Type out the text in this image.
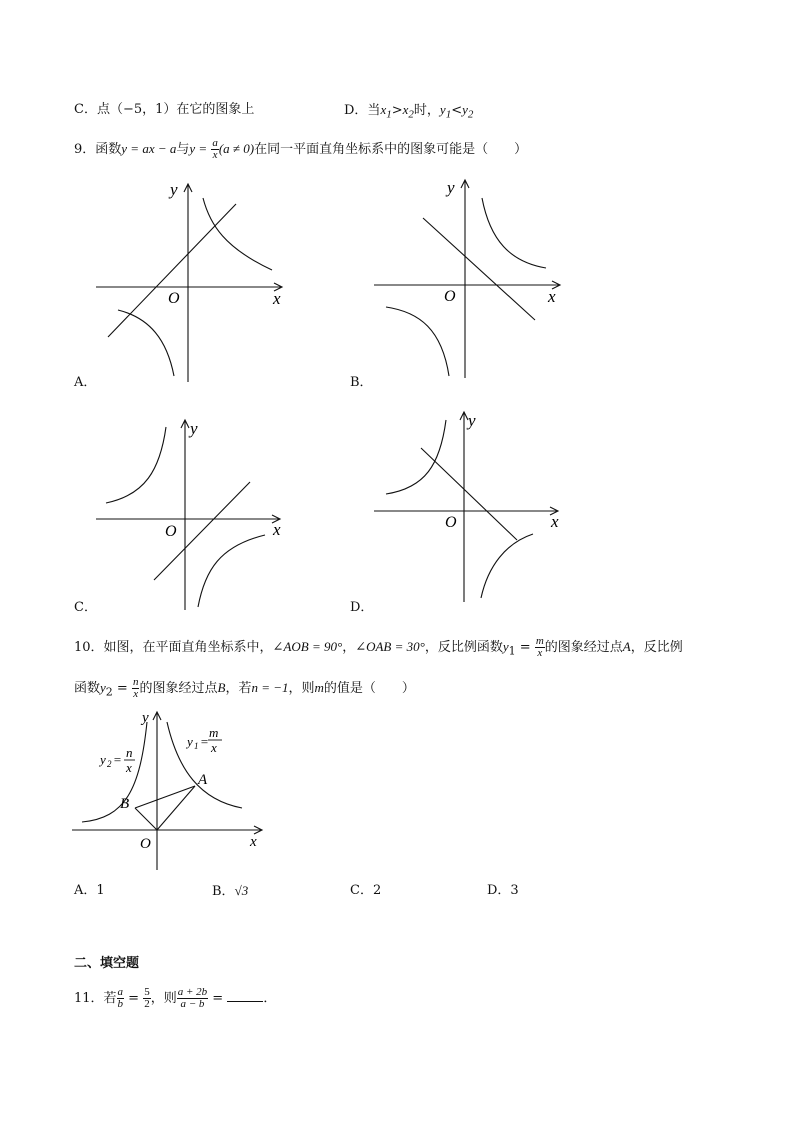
C．点（−5，1）在它的图象上	D．当$x_1>x_2$时，$y_1<y_2$
9．函数y = ax − a与$y = \frac{a}{x} (a \ne 0)$在同一平面直角坐标系中的图象可能是（　　）
y
O	x
y
O	x
y
O	x
y
O	x
A．	B．
C．	D．
10．如图，在平面直角坐标系中，∠AOB = 90°，∠OAB = 30°，反比例函数$y_1 = \frac{m}{x}$ 的图象经过点A，反比例
函数$y_2 = \frac{n}{x}$ 的图象经过点B，若n = −1，则m的值是（　　）
y
x
O
A
B
y 2 = n
x
y 1 =
m
x
A．1	B．√3	C．2	D．3
二、填空题
11．若 $\frac{a}{b} = \frac{5}{2}$ ，则 $\frac{a + 2b}{a - b}$ =	．
